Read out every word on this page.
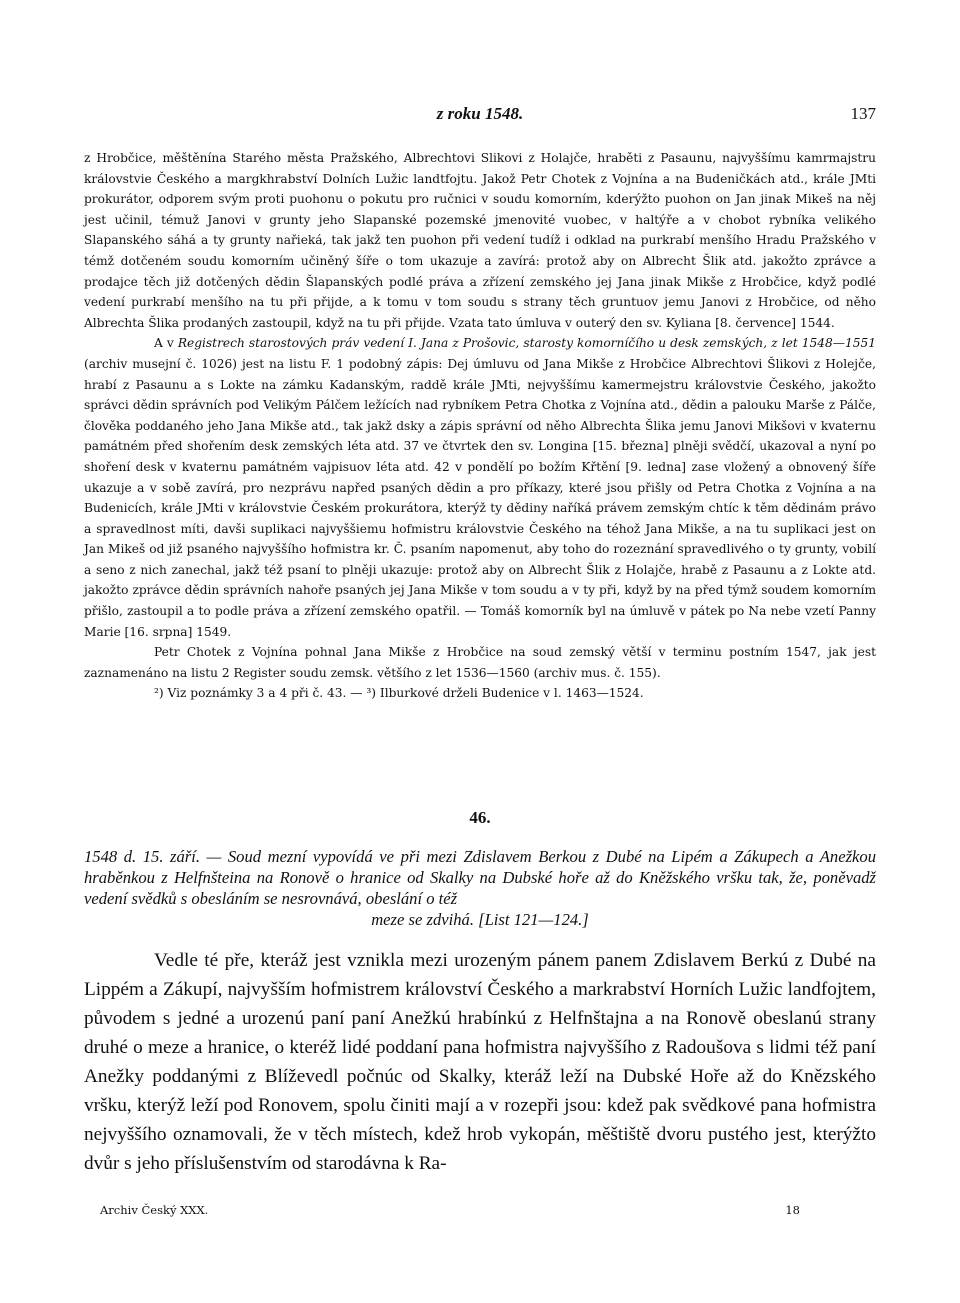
z roku 1548.	137

z Hrobčice, měštěnína Starého města Pražského, Albrechtovi Slikovi z Holajče, hraběti z Pasaunu, najvyššímu kamrmajstru královstvie Českého a margkhrabství Dolních Lužic landtfojtu. Jakož Petr Chotek z Vojnína a na Budeničkách atd., krále JMti prokurátor, odporem svým proti puohonu o pokutu pro ručnici v soudu komorním, kderýžto puohon on Jan jinak Mikeš na něj jest učinil, témuž Janovi v grunty jeho Slapanské pozemské jmenovité vuobec, v haltýře a v chobot rybníka velikého Slapanského sáhá a ty grunty nařieká, tak jakž ten puohon při vedení tudíž i odklad na purkrabí menšího Hradu Pražského v témž dotčeném soudu komorním učiněný šíře o tom ukazuje a zavírá: protož aby on Albrecht Šlik atd. jakožto zprávce a prodajce těch již dotčených dědin Šlapanských podlé práva a zřízení zemského jej Jana jinak Mikše z Hrobčice, když podlé vedení purkrabí menšího na tu při přijde, a k tomu v tom soudu s strany těch gruntuov jemu Janovi z Hrobčice, od něho Albrechta Šlika prodaných zastoupil, když na tu při přijde. Vzata tato úmluva v outerý den sv. Kyliana [8. července] 1544.

A v Registrech starostových práv vedení I. Jana z Prošovic, starosty komorníčího u desk zemských, z let 1548—1551 (archiv musejní č. 1026) jest na listu F. 1 podobný zápis: Dej úmluvu od Jana Mikše z Hrobčice Albrechtovi Šlikovi z Holejče, hrabí z Pasaunu a s Lokte na zámku Kadanským, raddě krále JMti, nejvyššímu kamermejstru královstvie Českého, jakožto správci dědin správních pod Velikým Pálčem ležících nad rybníkem Petra Chotka z Vojnína atd., dědin a palouku Marše z Pálče, člověka poddaného jeho Jana Mikše atd., tak jakž dsky a zápis správní od něho Albrechta Šlika jemu Janovi Mikšovi v kvaternu památném před shořením desk zemských léta atd. 37 ve čtvrtek den sv. Longina [15. března] plněji svědčí, ukazoval a nyní po shoření desk v kvaternu památném vajpisuov léta atd. 42 v pondělí po božím Křtění [9. ledna] zase vložený a obnovený šíře ukazuje a v sobě zavírá, pro nezprávu napřed psaných dědin a pro příkazy, které jsou přišly od Petra Chotka z Vojnína a na Budenicích, krále JMti v královstvie Českém prokurátora, kterýž ty dědiny naříká právem zemským chtíc k těm dědinám právo a spravedlnost míti, davši suplikaci najvyššiemu hofmistru královstvie Českého na téhož Jana Mikše, a na tu suplikaci jest on Jan Mikeš od již psaného najvyššího hofmistra kr. Č. psaním napomenut, aby toho do rozeznání spravedlivého o ty grunty, vobilí a seno z nich zanechal, jakž též psaní to plněji ukazuje: protož aby on Albrecht Šlik z Holajče, hrabě z Pasaunu a z Lokte atd. jakožto zprávce dědin správních nahoře psaných jej Jana Mikše v tom soudu a v ty při, když by na před týmž soudem komorním přišlo, zastoupil a to podle práva a zřízení zemského opatřil. — Tomáš komorník byl na úmluvě v pátek po Na nebe vzetí Panny Marie [16. srpna] 1549.

Petr Chotek z Vojnína pohnal Jana Mikše z Hrobčice na soud zemský větší v terminu postním 1547, jak jest zaznamenáno na listu 2 Register soudu zemsk. většího z let 1536—1560 (archiv mus. č. 155).

²) Viz poznámky 3 a 4 při č. 43. — ³) Ilburkové drželi Budenice v l. 1463—1524.

46.
1548 d. 15. září. — Soud mezní vypovídá ve při mezi Zdislavem Berkou z Dubé na Lipém a Zákupech a Anežkou hraběnkou z Helfnšteina na Ronově o hranice od Skalky na Dubské hoře až do Kněžského vršku tak, že, poněvadž vedení svědků s obesláním se nesrovnává, obeslání o též
meze se zdvihá. [List 121—124.]

Vedle té pře, kteráž jest vznikla mezi urozeným pánem panem Zdislavem Berkú z Dubé na Lippém a Zákupí, najvyšším hofmistrem království Českého a markrabství Horních Lužic landfojtem, původem s jedné a urozenú paní paní Anežkú hrabínkú z Helfnštajna a na Ronově obeslanú strany druhé o meze a hranice, o kteréž lidé poddaní pana hofmistra najvyššího z Radoušova s lidmi též paní Anežky poddanými z Blíževedl počnúc od Skalky, kteráž leží na Dubské Hoře až do Knězského vršku, kterýž leží pod Ronovem, spolu činiti mají a v rozepři jsou: kdež pak svědkové pana hofmistra nejvyššího oznamovali, že v těch místech, kdež hrob vykopán, měštiště dvoru pustého jest, kterýžto dvůr s jeho příslušenstvím od starodávna k Ra-

Archiv Český XXX.	18
